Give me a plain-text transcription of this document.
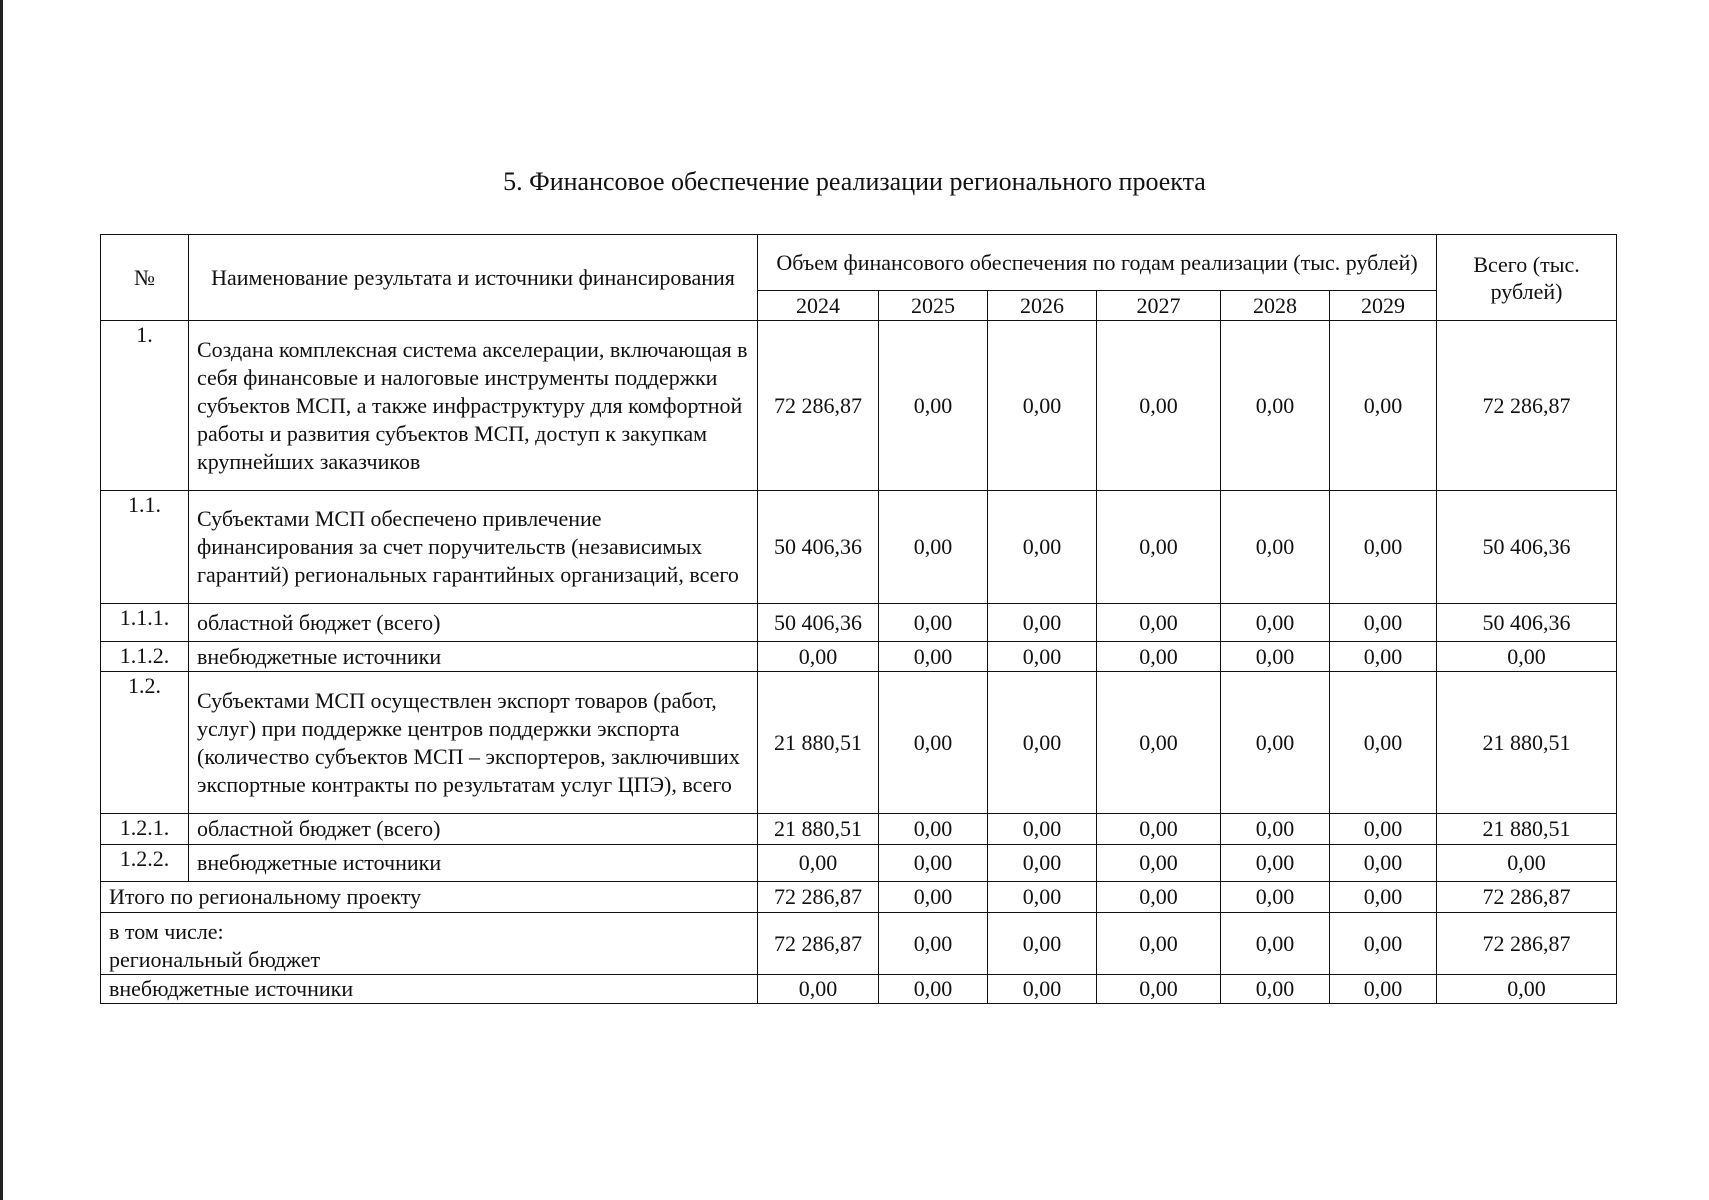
5. Финансовое обеспечение реализации регионального проекта
№	Наименование результата и источники финансирования	Объем финансового обеспечения по годам реализации (тыс. рублей)						Всего (тыс. рублей)
		2024	2025	2026	2027	2028	2029	
1.	Создана комплексная система акселерации, включающая в себя финансовые и налоговые инструменты поддержки субъектов МСП, а также инфраструктуру для комфортной работы и развития субъектов МСП, доступ к закупкам крупнейших заказчиков	72 286,87	0,00	0,00	0,00	0,00	0,00	72 286,87
1.1.	Субъектами МСП обеспечено привлечение финансирования за счет поручительств (независимых гарантий) региональных гарантийных организаций, всего	50 406,36	0,00	0,00	0,00	0,00	0,00	50 406,36
1.1.1.	областной бюджет (всего)	50 406,36	0,00	0,00	0,00	0,00	0,00	50 406,36
1.1.2.	внебюджетные источники	0,00	0,00	0,00	0,00	0,00	0,00	0,00
1.2.	Субъектами МСП осуществлен экспорт товаров (работ, услуг) при поддержке центров поддержки экспорта (количество субъектов МСП – экспортеров, заключивших экспортные контракты по результатам услуг ЦПЭ), всего	21 880,51	0,00	0,00	0,00	0,00	0,00	21 880,51
1.2.1.	областной бюджет (всего)	21 880,51	0,00	0,00	0,00	0,00	0,00	21 880,51
1.2.2.	внебюджетные источники	0,00	0,00	0,00	0,00	0,00	0,00	0,00
Итого по региональному проекту		72 286,87	0,00	0,00	0,00	0,00	0,00	72 286,87

в том числе:
региональный бюджет		72 286,87	0,00	0,00	0,00	0,00	0,00	72 286,87
внебюджетные источники		0,00	0,00	0,00	0,00	0,00	0,00	0,00
